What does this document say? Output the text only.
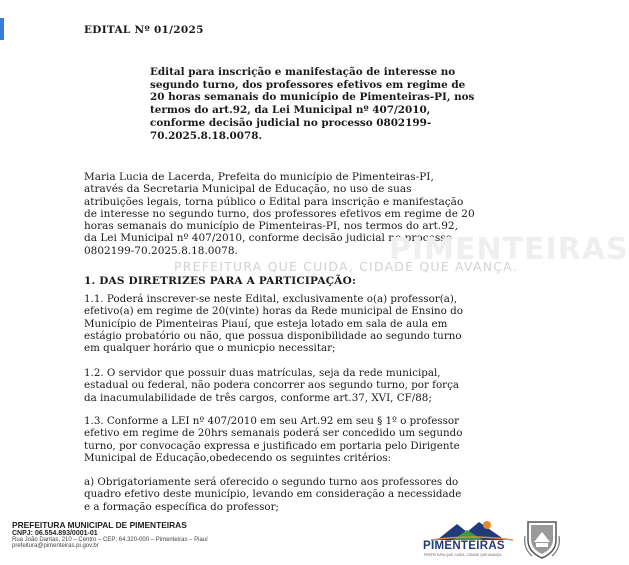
EDITAL Nº 01/2025
Edital para inscrição e manifestação de interesse no
segundo turno, dos professores efetivos em regime de
20 horas semanais do município de Pimenteiras-PI, nos
termos do art.92, da Lei Municipal nº 407/2010,
conforme decisão judicial no processo 0802199-
70.2025.8.18.0078.
Maria Lucia de Lacerda, Prefeita do município de Pimenteiras-PI,
através da Secretaria Municipal de Educação, no uso de suas
atribuições legais, torna público o Edital para inscrição e manifestação
de interesse no segundo turno, dos professores efetivos em regime de 20
horas semanais do município de Pimenteiras-PI, nos termos do art.92,
da Lei Municipal nº 407/2010, conforme decisão judicial no processo
0802199-70.2025.8.18.0078.	PIMENTEIRAS
PREFEITURA QUE CUIDA, CIDADE QUE AVANÇA.
1. DAS DIRETRIZES PARA A PARTICIPAÇÃO:
1.1. Poderá inscrever-se neste Edital, exclusivamente o(a) professor(a),
efetivo(a) em regime de 20(vinte) horas da Rede municipal de Ensino do
Município de Pimenteiras Piauí, que esteja lotado em sala de aula em
estágio probatório ou não, que possua disponibilidade ao segundo turno
em qualquer horário que o municpio necessitar;
1.2. O servidor que possuir duas matrículas, seja da rede municipal,
estadual ou federal, não podera concorrer aos segundo turno, por força
da inacumulabilidade de três cargos, conforme art.37, XVI, CF/88;
1.3. Conforme a LEI nº 407/2010 em seu Art.92 em seu § 1º o professor
efetivo em regime de 20hrs semanais poderá ser concedido um segundo
turno, por convocação expressa e justificado em portaria pelo Dirigente
Municipal de Educação,obedecendo os seguintes critérios:
a) Obrigatoriamente será oferecido o segundo turno aos professores do
quadro efetivo deste município, levando em consideração a necessidade
e a formação específica do professor;
PREFEITURA MUNICIPAL DE PIMENTEIRAS
CNPJ: 06.554.893/0001-01
Rua João Dantas, 210 – Centro – CEP: 64.320-000 – Pimenteiras – Piauí
prefeitura@pimenteiras.pi.gov.br	PIMENTEIRAS
PREFEITURA QUE CUIDA, CIDADE QUE AVANÇA
